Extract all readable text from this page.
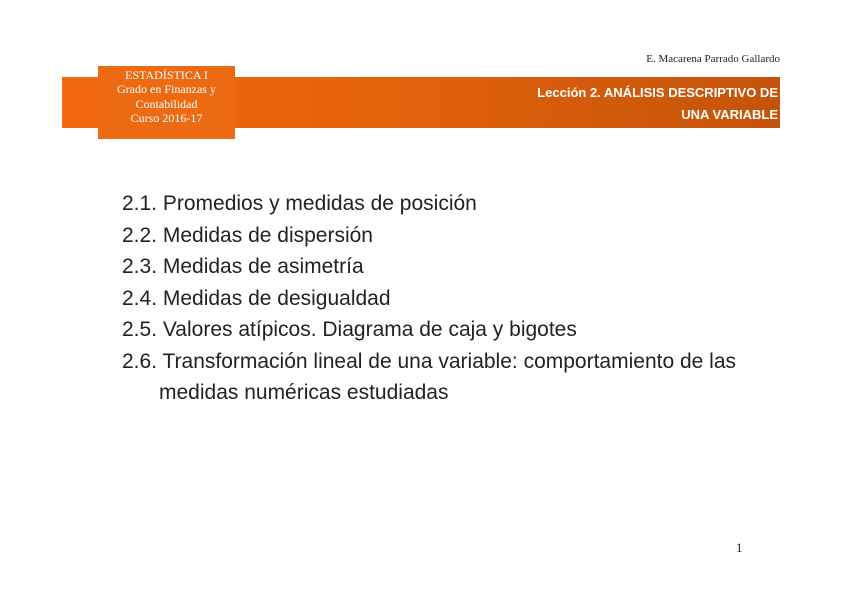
E. Macarena Parrado Gallardo
ESTADÍSTICA I
Grado en Finanzas y
Contabilidad
Curso 2016-17
Lección 2. ANÁLISIS DESCRIPTIVO DE
UNA VARIABLE
2.1. Promedios y medidas de posición
2.2. Medidas de dispersión
2.3. Medidas de asimetría
2.4. Medidas de desigualdad
2.5. Valores atípicos. Diagrama de caja y bigotes
2.6. Transformación lineal de una variable: comportamiento de las medidas numéricas estudiadas
1
